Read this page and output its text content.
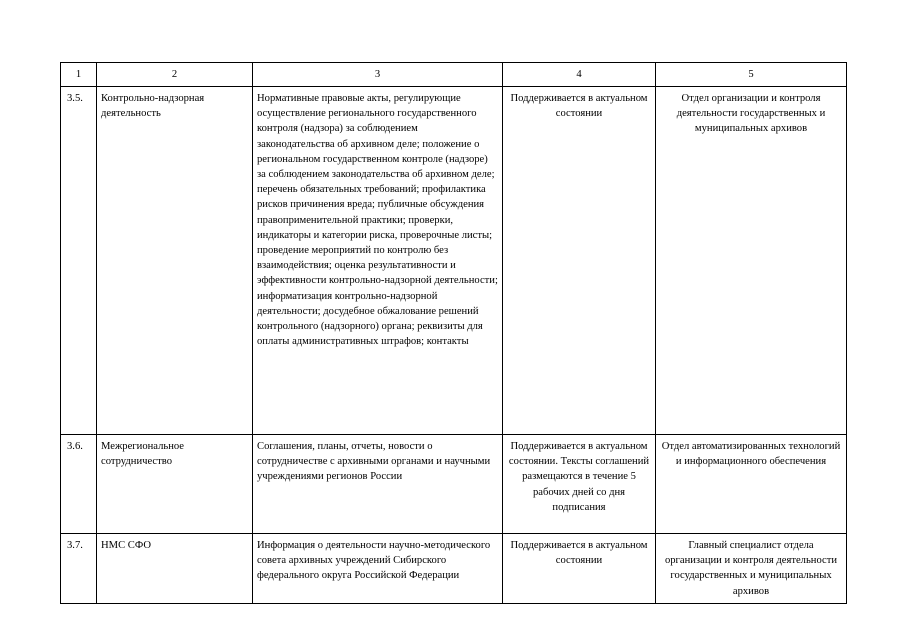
1	2	3	4	5
3.5.	Контрольно-надзорная деятельность	Нормативные правовые акты, регулирующие осуществление регионального государственного контроля (надзора) за соблюдением законодательства об архивном деле; положение о региональном государственном контроле (надзоре) за соблюдением законодательства об архивном деле; перечень обязательных требований; профилактика рисков причинения вреда; публичные обсуждения правоприменительной практики; проверки, индикаторы и категории риска, проверочные листы; проведение мероприятий по контролю без взаимодействия; оценка результативности и эффективности контрольно-надзорной деятельности; информатизация контрольно-надзорной деятельности; досудебное обжалование решений контрольного (надзорного) органа; реквизиты для оплаты административных штрафов; контакты	Поддерживается в актуальном состоянии	Отдел организации и контроля деятельности государственных и муниципальных архивов
3.6.	Межрегиональное сотрудничество	Соглашения, планы, отчеты, новости о сотрудничестве с архивными органами и научными учреждениями регионов России	Поддерживается в актуальном состоянии. Тексты соглашений размещаются в течение 5 рабочих дней со дня подписания	Отдел автоматизированных технологий и информационного обеспечения
3.7.	НМС СФО	Информация о деятельности научно-методического совета архивных учреждений Сибирского федерального округа Российской Федерации	Поддерживается в актуальном состоянии	Главный специалист отдела организации и контроля деятельности государственных и муниципальных архивов
